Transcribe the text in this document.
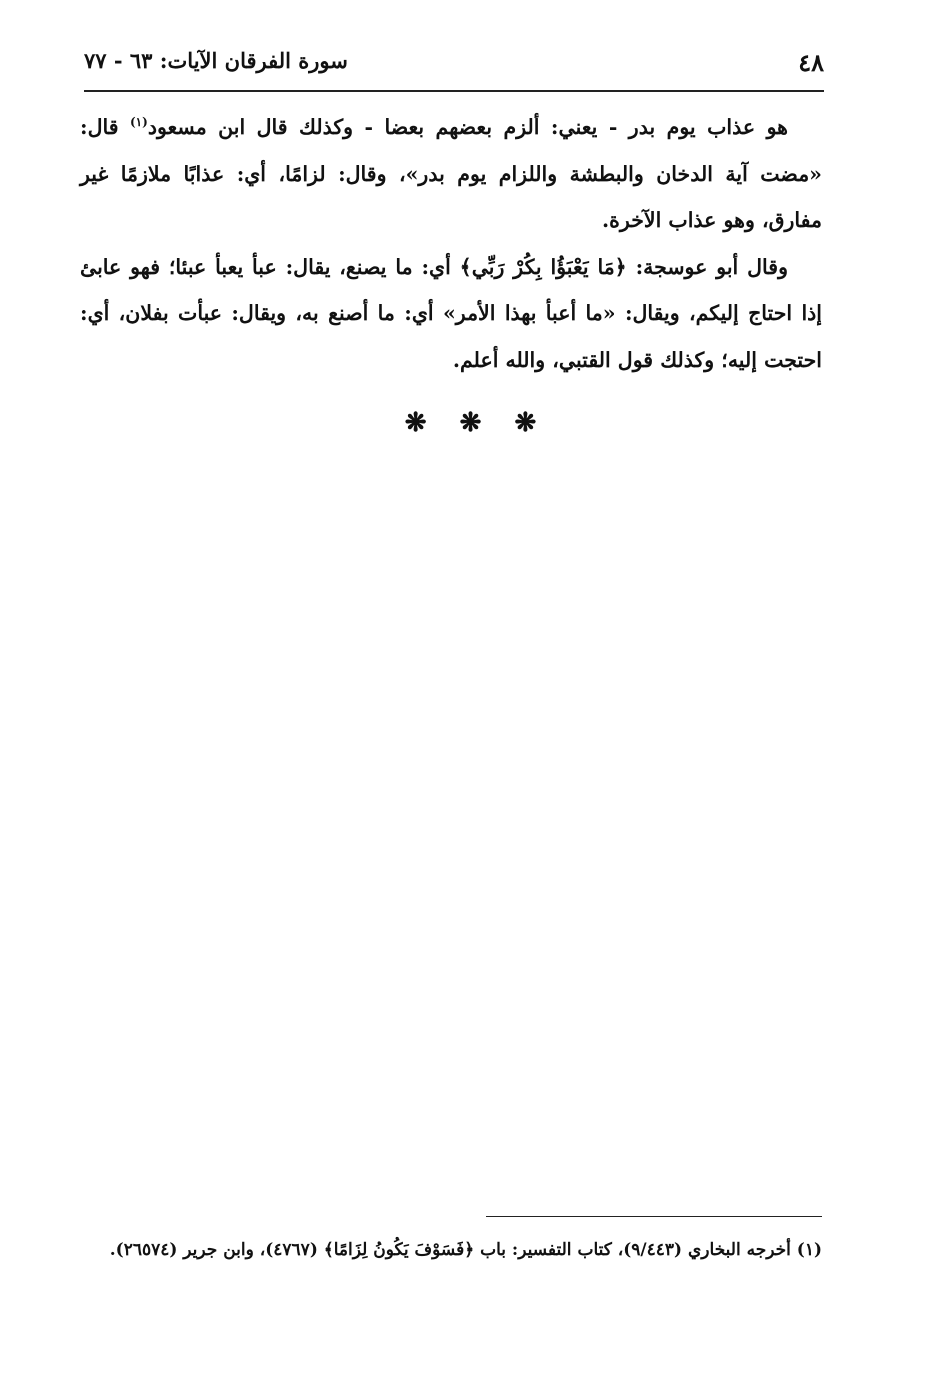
٤٨
سورة الفرقان الآيات: ٦٣ - ٧٧

هو عذاب يوم بدر - يعني: ألزم بعضهم بعضا - وكذلك قال ابن مسعود$^{(١)}$ قال: «مضت آية الدخان والبطشة واللزام يوم بدر»، وقال: لزامًا، أي: عذابًا ملازمًا غير مفارق، وهو عذاب الآخرة.

وقال أبو عوسجة: ﴿مَا يَعْبَؤُا بِكُرْ رَبِّي﴾ أي: ما يصنع، يقال: عبأ يعبأ عبئا؛ فهو عابئ إذا احتاج إليكم، ويقال: «ما أعبأ بهذا الأمر» أي: ما أصنع به، ويقال: عبأت بفلان، أي: احتجت إليه؛ وكذلك قول القتبي، والله أعلم.

❋ ❋ ❋

(١) أخرجه البخاري (٩/٤٤٣)، كتاب التفسير: باب ﴿فَسَوْفَ يَكُونُ لِزَامًا﴾ (٤٧٦٧)، وابن جرير (٢٦٥٧٤).
